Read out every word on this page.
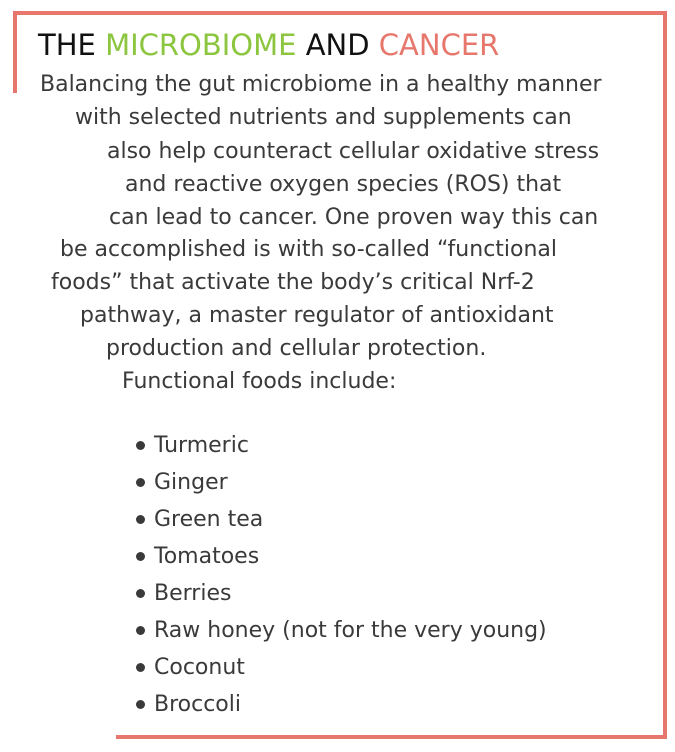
THE MICROBIOME AND CANCER
Balancing the gut microbiome in a healthy manner
with selected nutrients and supplements can
also help counteract cellular oxidative stress
and reactive oxygen species (ROS) that
can lead to cancer. One proven way this can
be accomplished is with so-called “functional
foods” that activate the body’s critical Nrf-2
pathway, a master regulator of antioxidant
production and cellular protection.
Functional foods include:
Turmeric
Ginger
Green tea
Tomatoes
Berries
Raw honey (not for the very young)
Coconut
Broccoli
